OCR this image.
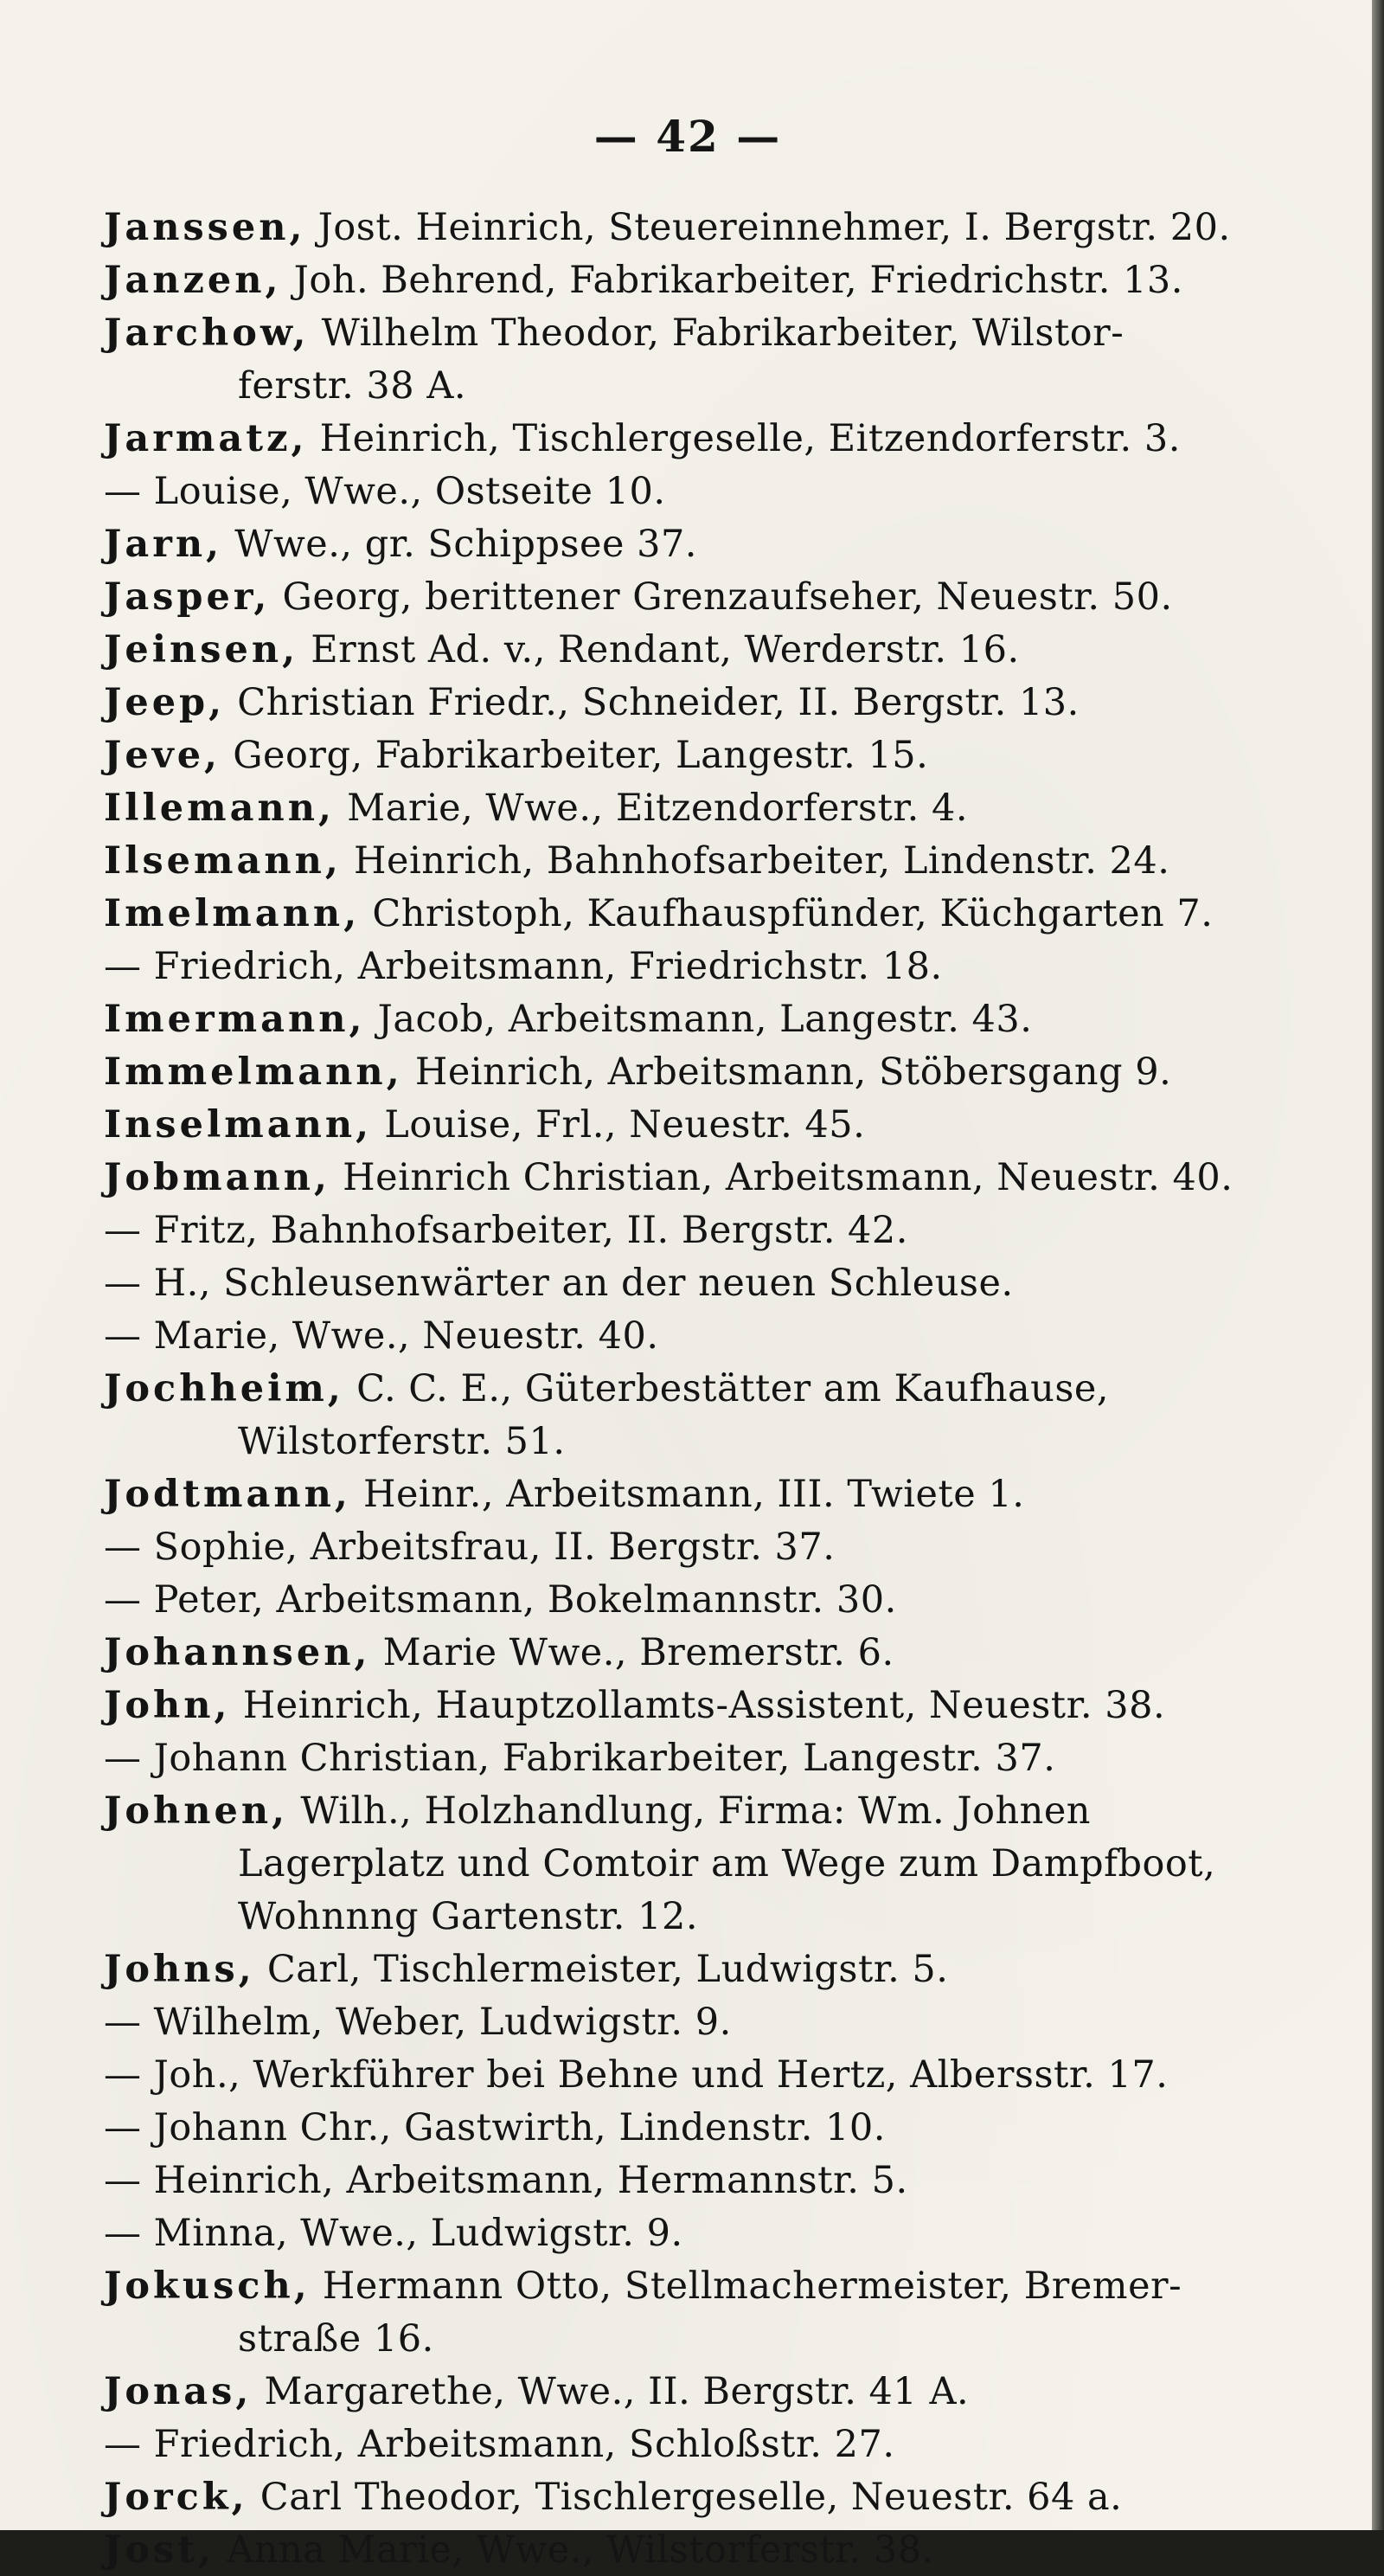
— 42 —
Janssen, Jost. Heinrich, Steuereinnehmer, I. Bergstr. 20.
Janzen, Joh. Behrend, Fabrikarbeiter, Friedrichstr. 13.
Jarchow, Wilhelm Theodor, Fabrikarbeiter, Wilstor-
ferstr. 38 A.
Jarmatz, Heinrich, Tischlergeselle, Eitzendorferstr. 3.
— Louise, Wwe., Ostseite 10.
Jarn, Wwe., gr. Schippsee 37.
Jasper, Georg, berittener Grenzaufseher, Neuestr. 50.
Jeinsen, Ernst Ad. v., Rendant, Werderstr. 16.
Jeep, Christian Friedr., Schneider, II. Bergstr. 13.
Jeve, Georg, Fabrikarbeiter, Langestr. 15.
Illemann, Marie, Wwe., Eitzendorferstr. 4.
Ilsemann, Heinrich, Bahnhofsarbeiter, Lindenstr. 24.
Imelmann, Christoph, Kaufhauspfünder, Küchgarten 7.
— Friedrich, Arbeitsmann, Friedrichstr. 18.
Imermann, Jacob, Arbeitsmann, Langestr. 43.
Immelmann, Heinrich, Arbeitsmann, Stöbersgang 9.
Inselmann, Louise, Frl., Neuestr. 45.
Jobmann, Heinrich Christian, Arbeitsmann, Neuestr. 40.
— Fritz, Bahnhofsarbeiter, II. Bergstr. 42.
— H., Schleusenwärter an der neuen Schleuse.
— Marie, Wwe., Neuestr. 40.
Jochheim, C. C. E., Güterbestätter am Kaufhause,
Wilstorferstr. 51.
Jodtmann, Heinr., Arbeitsmann, III. Twiete 1.
— Sophie, Arbeitsfrau, II. Bergstr. 37.
— Peter, Arbeitsmann, Bokelmannstr. 30.
Johannsen, Marie Wwe., Bremerstr. 6.
John, Heinrich, Hauptzollamts-Assistent, Neuestr. 38.
— Johann Christian, Fabrikarbeiter, Langestr. 37.
Johnen, Wilh., Holzhandlung, Firma: Wm. Johnen
Lagerplatz und Comtoir am Wege zum Dampfboot,
Wohnnng Gartenstr. 12.
Johns, Carl, Tischlermeister, Ludwigstr. 5.
— Wilhelm, Weber, Ludwigstr. 9.
— Joh., Werkführer bei Behne und Hertz, Albersstr. 17.
— Johann Chr., Gastwirth, Lindenstr. 10.
— Heinrich, Arbeitsmann, Hermannstr. 5.
— Minna, Wwe., Ludwigstr. 9.
Jokusch, Hermann Otto, Stellmachermeister, Bremer-
straße 16.
Jonas, Margarethe, Wwe., II. Bergstr. 41 A.
— Friedrich, Arbeitsmann, Schloßstr. 27.
Jorck, Carl Theodor, Tischlergeselle, Neuestr. 64 a.
Jost, Anna Marie, Wwe., Wilstorferstr. 38.
